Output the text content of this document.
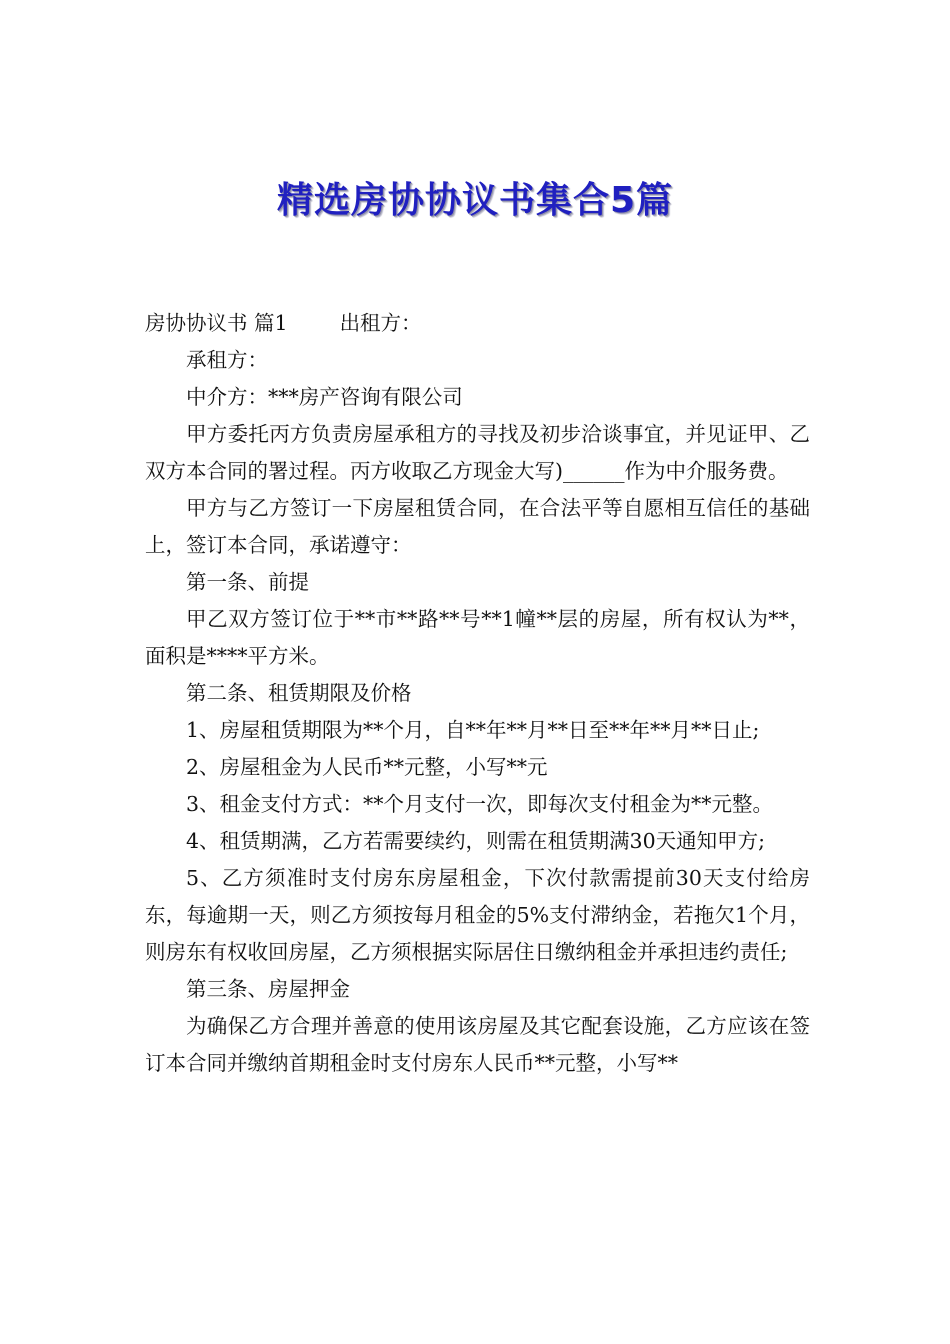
精选房协协议书集合5篇

房协协议书 篇1	出租方：

承租方：

中介方：***房产咨询有限公司

甲方委托丙方负责房屋承租方的寻找及初步洽谈事宜，并见证甲、乙双方本合同的署过程。丙方收取乙方现金大写)______作为中介服务费。

甲方与乙方签订一下房屋租赁合同，在合法平等自愿相互信任的基础上，签订本合同，承诺遵守：

第一条、前提

甲乙双方签订位于**市**路**号**1幢**层的房屋，所有权认为**，面积是****平方米。

第二条、租赁期限及价格

1、房屋租赁期限为**个月，自**年**月**日至**年**月**日止;

2、房屋租金为人民币**元整，小写**元

3、租金支付方式：**个月支付一次，即每次支付租金为**元整。

4、租赁期满，乙方若需要续约，则需在租赁期满30天通知甲方;

5、乙方须准时支付房东房屋租金，下次付款需提前30天支付给房东，每逾期一天，则乙方须按每月租金的5%支付滞纳金，若拖欠1个月，则房东有权收回房屋，乙方须根据实际居住日缴纳租金并承担违约责任;

第三条、房屋押金

为确保乙方合理并善意的使用该房屋及其它配套设施，乙方应该在签订本合同并缴纳首期租金时支付房东人民币**元整，小写**
